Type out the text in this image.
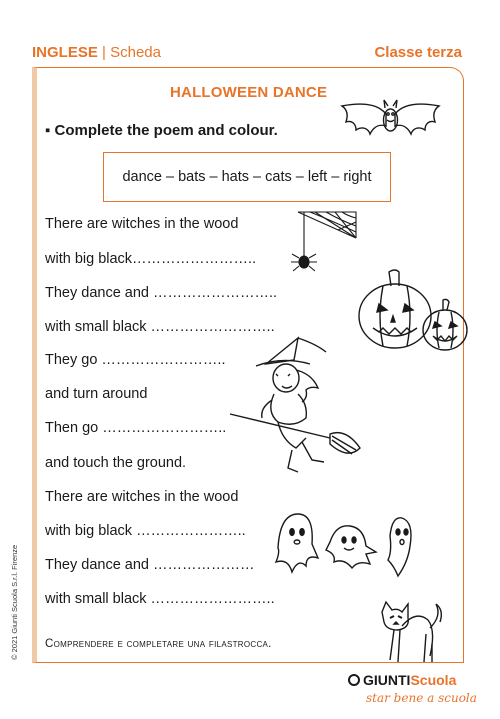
INGLESE | Scheda	Classe terza
HALLOWEEN DANCE
▪ Complete the poem and colour.
dance – bats – hats – cats – left – right
There are witches in the wood
with big black……………………..
They dance and ……………………..
with small black ……………………..
They go ……………………..
and turn around
Then go ……………………..
and touch the ground.
There are witches in the wood
with big black …………………..
They dance and …………………
with small black ……………………..
Comprendere e completare una filastrocca.
© 2021 Giunti Scuola S.r.l. Firenze
GIUNTIScuola
star bene a scuola
